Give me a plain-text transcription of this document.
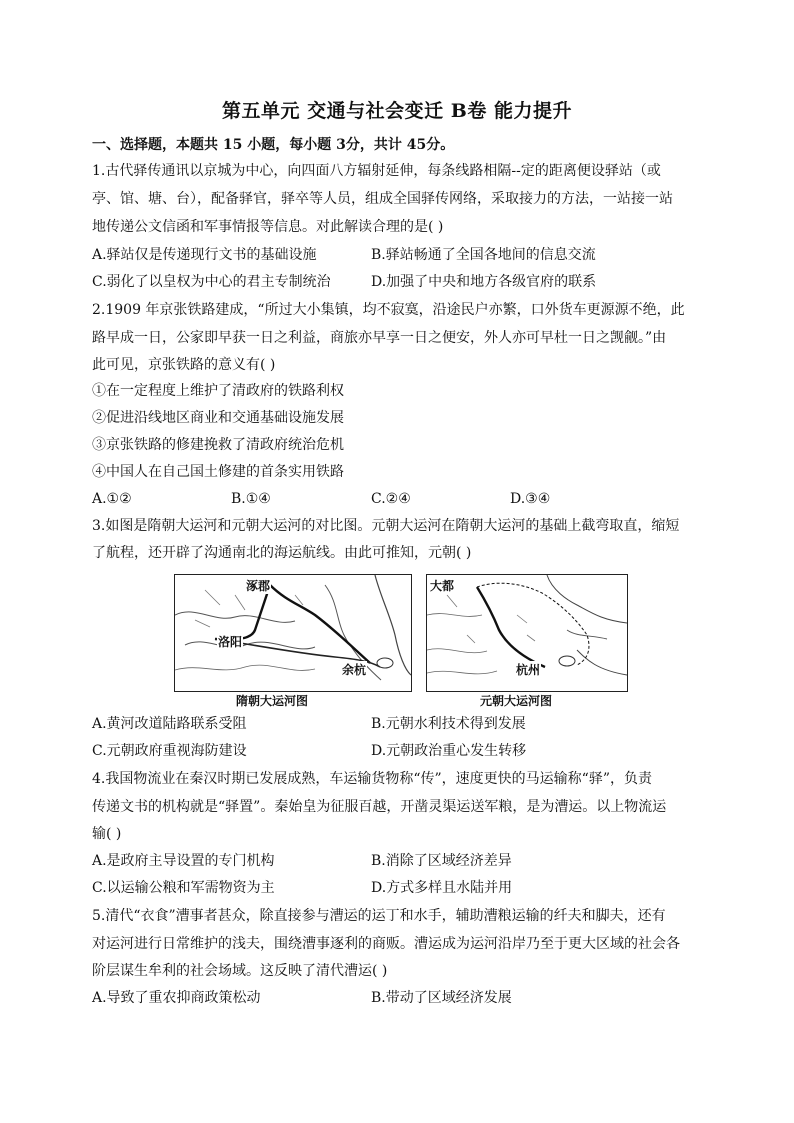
第五单元 交通与社会变迁 B卷 能力提升
一、选择题，本题共 15 小题，每小题 3分，共计 45分。
1.古代驿传通讯以京城为中心，向四面八方辐射延伸，每条线路相隔--定的距离便设驿站（或
亭、馆、塘、台），配备驿官，驿卒等人员，组成全国驿传网络，采取接力的方法，一站接一站
地传递公文信函和军事情报等信息。对此解读合理的是( )
A.驿站仅是传递现行文书的基础设施	B.驿站畅通了全国各地间的信息交流
C.弱化了以皇权为中心的君主专制统治	D.加强了中央和地方各级官府的联系
2.1909 年京张铁路建成，“所过大小集镇，均不寂寞，沿途民户亦繁，口外货车更源源不绝，此
路早成一日，公家即早获一日之利益，商旅亦早享一日之便安，外人亦可早杜一日之觊觎。”由
此可见，京张铁路的意义有( )
①在一定程度上维护了清政府的铁路利权
②促进沿线地区商业和交通基础设施发展
③京张铁路的修建挽救了清政府统治危机
④中国人在自己国土修建的首条实用铁路
A.①②	B.①④	C.②④	D.③④
3.如图是隋朝大运河和元朝大运河的对比图。元朝大运河在隋朝大运河的基础上截弯取直，缩短
了航程，还开辟了沟通南北的海运航线。由此可推知，元朝( )
涿郡
洛阳
余杭
隋朝大运河图
大都
杭州
元朝大运河图
A.黄河改道陆路联系受阻	B.元朝水利技术得到发展
C.元朝政府重视海防建设	D.元朝政治重心发生转移
4.我国物流业在秦汉时期已发展成熟，车运输货物称“传”，速度更快的马运输称“驿”，负责
传递文书的机构就是“驿置”。秦始皇为征服百越，开凿灵渠运送军粮，是为漕运。以上物流运
输( )
A.是政府主导设置的专门机构	B.消除了区域经济差异
C.以运输公粮和军需物资为主	D.方式多样且水陆并用
5.清代“衣食”漕事者甚众，除直接参与漕运的运丁和水手，辅助漕粮运输的纤夫和脚夫，还有
对运河进行日常维护的浅夫，围绕漕事逐利的商贩。漕运成为运河沿岸乃至于更大区域的社会各
阶层谋生牟利的社会场域。这反映了清代漕运( )
A.导致了重农抑商政策松动	B.带动了区域经济发展
